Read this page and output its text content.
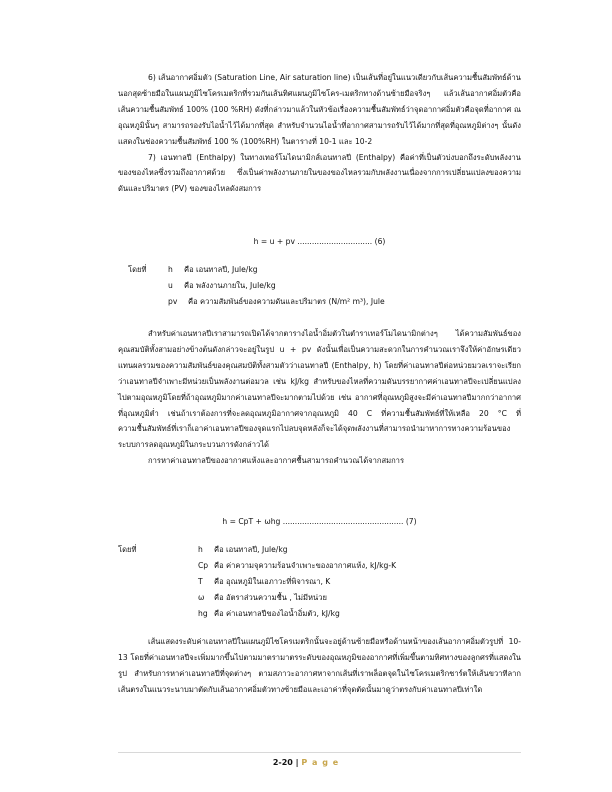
6) เส้นอากาศอิ่มตัว (Saturation Line, Air saturation line) เป็นเส้นที่อยู่ในแนวเดียวกับเส้นความชื้นสัมพัทธ์ด้านนอกสุดซ้ายมือในแผนภูมิไซโครเมตริกที่รวมกันเส้นทิศแผนภูมิไซโคร-เมตริกทางด้านซ้ายมือจริงๆ แล้วเส้นอากาศอิ่มตัวคือเส้นความชื้นสัมพัทธ์ 100% (100 %RH) ดังที่กล่าวมาแล้วในหัวข้อเรื่องความชื้นสัมพัทธ์ว่าจุดอากาศอิ่มตัวคือจุดที่อากาศ ณ อุณหภูมินั้นๆ สามารถรองรับไอน้ำไว้ได้มากที่สุด สำหรับจำนวนไอน้ำที่อากาศสามารถรับไว้ได้มากที่สุดที่อุณหภูมิต่างๆ นั้นดังแสดงในช่องความชื้นสัมพัทธ์ 100 % (100%RH) ในตารางที่ 10-1 และ 10-2

7) เอนทาลปี (Enthalpy) ในทางเทอร์โมไดนามิกส์เอนทาลปี (Enthalpy) คือค่าที่เป็นตัวบ่งบอกถึงระดับพลังงานของของไหลซึ่งรวมถึงอากาศด้วย ซึ่งเป็นค่าพลังงานภายในของของไหลรวมกับพลังงานเนื่องจากการเปลี่ยนแปลงของความดันและปริมาตร (PV) ของของไหลดังสมการ

h = u + pv ............................... (6)

โดยที่	h	คือ เอนทาลปี, Jule/kg
u	คือ พลังงานภายใน, Jule/kg
pv	คือ ความสัมพันธ์ของความดันและปริมาตร (N/m² m³), Jule

สำหรับค่าเอนทาลปีเราสามารถเปิดได้จากตารางไอน้ำอิ่มตัวในตำราเทอร์โมไดนามิกต่างๆ ได้ความสัมพันธ์ของคุณสมบัติทั้งสามอย่างข้างต้นดังกล่าวจะอยู่ในรูป u + pv ดังนั้นเพื่อเป็นความสะดวกในการคำนวณเราจึงให้ค่าอักษรเดียวแทนผลรวมของความสัมพันธ์ของคุณสมบัติทั้งสามตัวว่าเอนทาลปี (Enthalpy, h) โดยที่ค่าเอนทาลปีต่อหน่วยมวลเราจะเรียกว่าเอนทาลปีจำเพาะมีหน่วยเป็นพลังงานต่อมวล เช่น kJ/kg สำหรับของไหลที่ความดันบรรยากาศค่าเอนทาลปีจะเปลี่ยนแปลงไปตามอุณหภูมิโดยที่ถ้าอุณหภูมิมากค่าเอนทาลปีจะมากตามไปด้วย เช่น อากาศที่อุณหภูมิสูงจะมีค่าเอนทาลปีมากกว่าอากาศที่อุณหภูมิต่ำ เช่นถ้าเราต้องการที่จะลดอุณหภูมิอากาศจากอุณหภูมิ 40 C ที่ความชื้นสัมพัทธ์ที่ให้เหลือ 20 °C ที่ความชื้นสัมพัทธ์ที่เราก็เอาค่าเอนทาลปีของจุดแรกไปลบจุดหลังก็จะได้จุดพลังงานที่สามารถนำมาหาการทางความร้อนของระบบการลดอุณหภูมิในกระบวนการดังกล่าวได้

การหาค่าเอนทาลปีของอากาศแห้งและอากาศชื้นสามารถคำนวณได้จากสมการ

h = CpT + ωhg .................................................. (7)

โดยที่	h	คือ เอนทาลปี, Jule/kg
Cp คือ ค่าความจุความร้อนจำเพาะของอากาศแห้ง, kJ/kg-K
T	คือ อุณหภูมิในเอภาวะที่พิจารณา, K
ω	คือ อัตราส่วนความชื้น , ไม่มีหน่วย
hg คือ ค่าเอนทาลปีของไอน้ำอิ่มตัว, kJ/kg

เส้นแสดงระดับค่าเอนทาลปีในแผนภูมิไซโครเมตริกนั้นจะอยู่ด้านซ้ายมือหรือด้านหน้าของเส้นอากาศอิ่มตัวรูปที่ 10-13 โดยที่ค่าเอนทาลปีจะเพิ่มมากขึ้นไปตามมาตรามาตรระดับของอุณหภูมิของอากาศที่เพิ่มขึ้นตามทิศทางของลูกศรที่แสดงในรูป สำหรับการหาค่าเอนทาลปีที่จุดต่างๆ ตามสภาวะอากาศหาจากเส้นที่เราพล็อตจุดในไซโครเมตริกชาร์ตให้เส้นขวาทีลากเส้นตรงในแนวระนาบมาตัดกับเส้นอากาศอิ่มตัวทางซ้ายมือและเอาค่าที่จุดตัดนั้นมาดูว่าตรงกับค่าเอนทาลปีเท่าใด

2-20 | P a g e
